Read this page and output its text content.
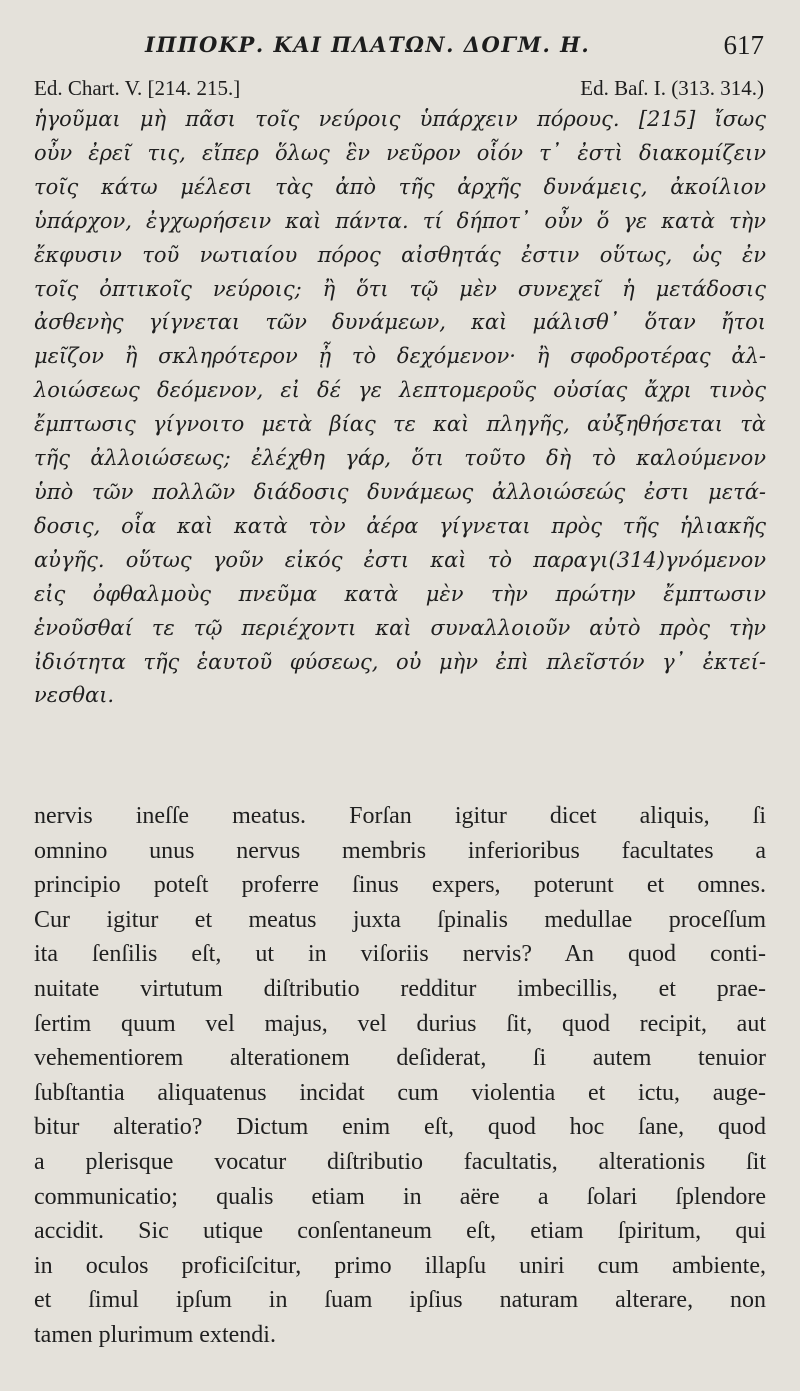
ΙΠΠΟΚΡ. ΚΑΙ ΠΛΑΤΩΝ. ΔΟΓΜ. Η.	617
Ed. Chart. V. [214. 215.]	Ed. Baſ. I. (313. 314.)
ἡγοῦμαι μὴ πᾶσι τοῖς νεύροις ὑπάρχειν πόρους. [215] ἴσως
οὖν ἐρεῖ τις, εἴπερ ὅλως ἓν νεῦρον οἷόν τ᾽ ἐστὶ διακομίζειν
τοῖς κάτω μέλεσι τὰς ἀπὸ τῆς ἀρχῆς δυνάμεις, ἀκοίλιον
ὑπάρχον, ἐγχωρήσειν καὶ πάντα. τί δήποτ᾽ οὖν ὅ γε κατὰ τὴν
ἔκφυσιν τοῦ νωτιαίου πόρος αἰσθητάς ἐστιν οὕτως, ὡς ἐν
τοῖς ὀπτικοῖς νεύροις; ἢ ὅτι τῷ μὲν συνεχεῖ ἡ μετάδοσις
ἀσθενὴς γίγνεται τῶν δυνάμεων, καὶ μάλισθ᾽ ὅταν ἤτοι
μεῖζον ἢ σκληρότερον ᾖ τὸ δεχόμενον· ἢ σφοδροτέρας ἀλ-
λοιώσεως δεόμενον, εἰ δέ γε λεπτομεροῦς οὐσίας ἄχρι τινὸς
ἔμπτωσις γίγνοιτο μετὰ βίας τε καὶ πληγῆς, αὐξηθήσεται τὰ
τῆς ἀλλοιώσεως; ἐλέχθη γάρ, ὅτι τοῦτο δὴ τὸ καλούμενον
ὑπὸ τῶν πολλῶν διάδοσις δυνάμεως ἀλλοιώσεώς ἐστι μετά-
δοσις, οἷα καὶ κατὰ τὸν ἀέρα γίγνεται πρὸς τῆς ἡλιακῆς
αὐγῆς. οὕτως γοῦν εἰκός ἐστι καὶ τὸ παραγι(314)γνόμενον
εἰς ὀφθαλμοὺς πνεῦμα κατὰ μὲν τὴν πρώτην ἔμπτωσιν
ἑνοῦσθαί τε τῷ περιέχοντι καὶ συναλλοιοῦν αὐτὸ πρὸς τὴν
ἰδιότητα τῆς ἑαυτοῦ φύσεως, οὐ μὴν ἐπὶ πλεῖστόν γ᾽ ἐκτεί-
νεσθαι.
nervis ineſſe meatus. Forſan igitur dicet aliquis, ſi
omnino unus nervus membris inferioribus facultates a
principio poteſt proferre ſinus expers, poterunt et omnes.
Cur igitur et meatus juxta ſpinalis medullae proceſſum
ita ſenſilis eſt, ut in viſoriis nervis? An quod conti-
nuitate virtutum diſtributio redditur imbecillis, et prae-
ſertim quum vel majus, vel durius ſit, quod recipit, aut
vehementiorem alterationem deſiderat, ſi autem tenuior
ſubſtantia aliquatenus incidat cum violentia et ictu, auge-
bitur alteratio? Dictum enim eſt, quod hoc ſane, quod
a plerisque vocatur diſtributio facultatis, alterationis ſit
communicatio; qualis etiam in aëre a ſolari ſplendore
accidit. Sic utique conſentaneum eſt, etiam ſpiritum, qui
in oculos proficiſcitur, primo illapſu uniri cum ambiente,
et ſimul ipſum in ſuam ipſius naturam alterare, non
tamen plurimum extendi.
